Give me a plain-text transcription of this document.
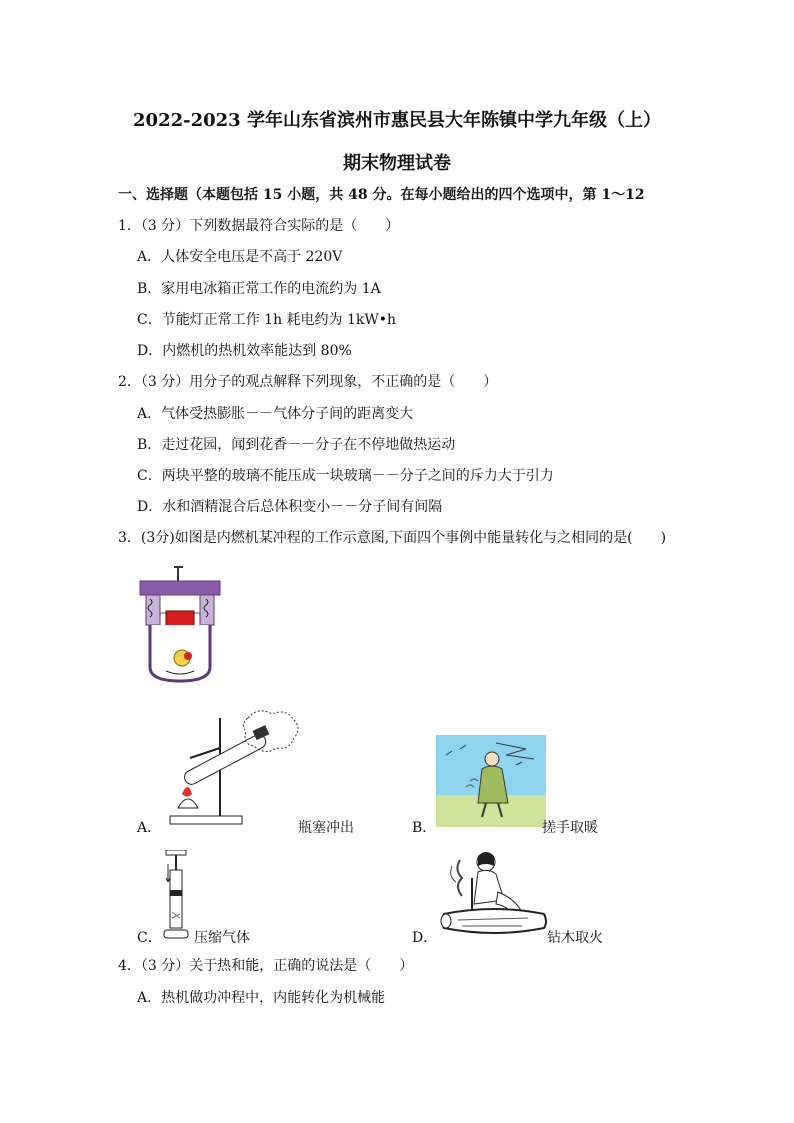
2022-2023 学年山东省滨州市惠民县大年陈镇中学九年级（上）
期末物理试卷
一、选择题（本题包括 15 小题，共 48 分。在每小题给出的四个选项中，第 1～12
1．（3 分）下列数据最符合实际的是（　　）
A．人体安全电压是不高于 220V
B．家用电冰箱正常工作的电流约为 1A
C．节能灯正常工作 1h 耗电约为 1kW•h
D．内燃机的热机效率能达到 80%
2．（3 分）用分子的观点解释下列现象，不正确的是（　　）
A．气体受热膨胀－－气体分子间的距离变大
B．走过花园，闻到花香－－分子在不停地做热运动
C．两块平整的玻璃不能压成一块玻璃－－分子之间的斥力大于引力
D．水和酒精混合后总体积变小－－分子间有间隔
3．(3分)如图是内燃机某冲程的工作示意图,下面四个事例中能量转化与之相同的是(　　)
A．	瓶塞冲出	B．	搓手取暖
C． 压缩气体	D．	钻木取火
4．（3 分）关于热和能，正确的说法是（　　）
A．热机做功冲程中，内能转化为机械能
